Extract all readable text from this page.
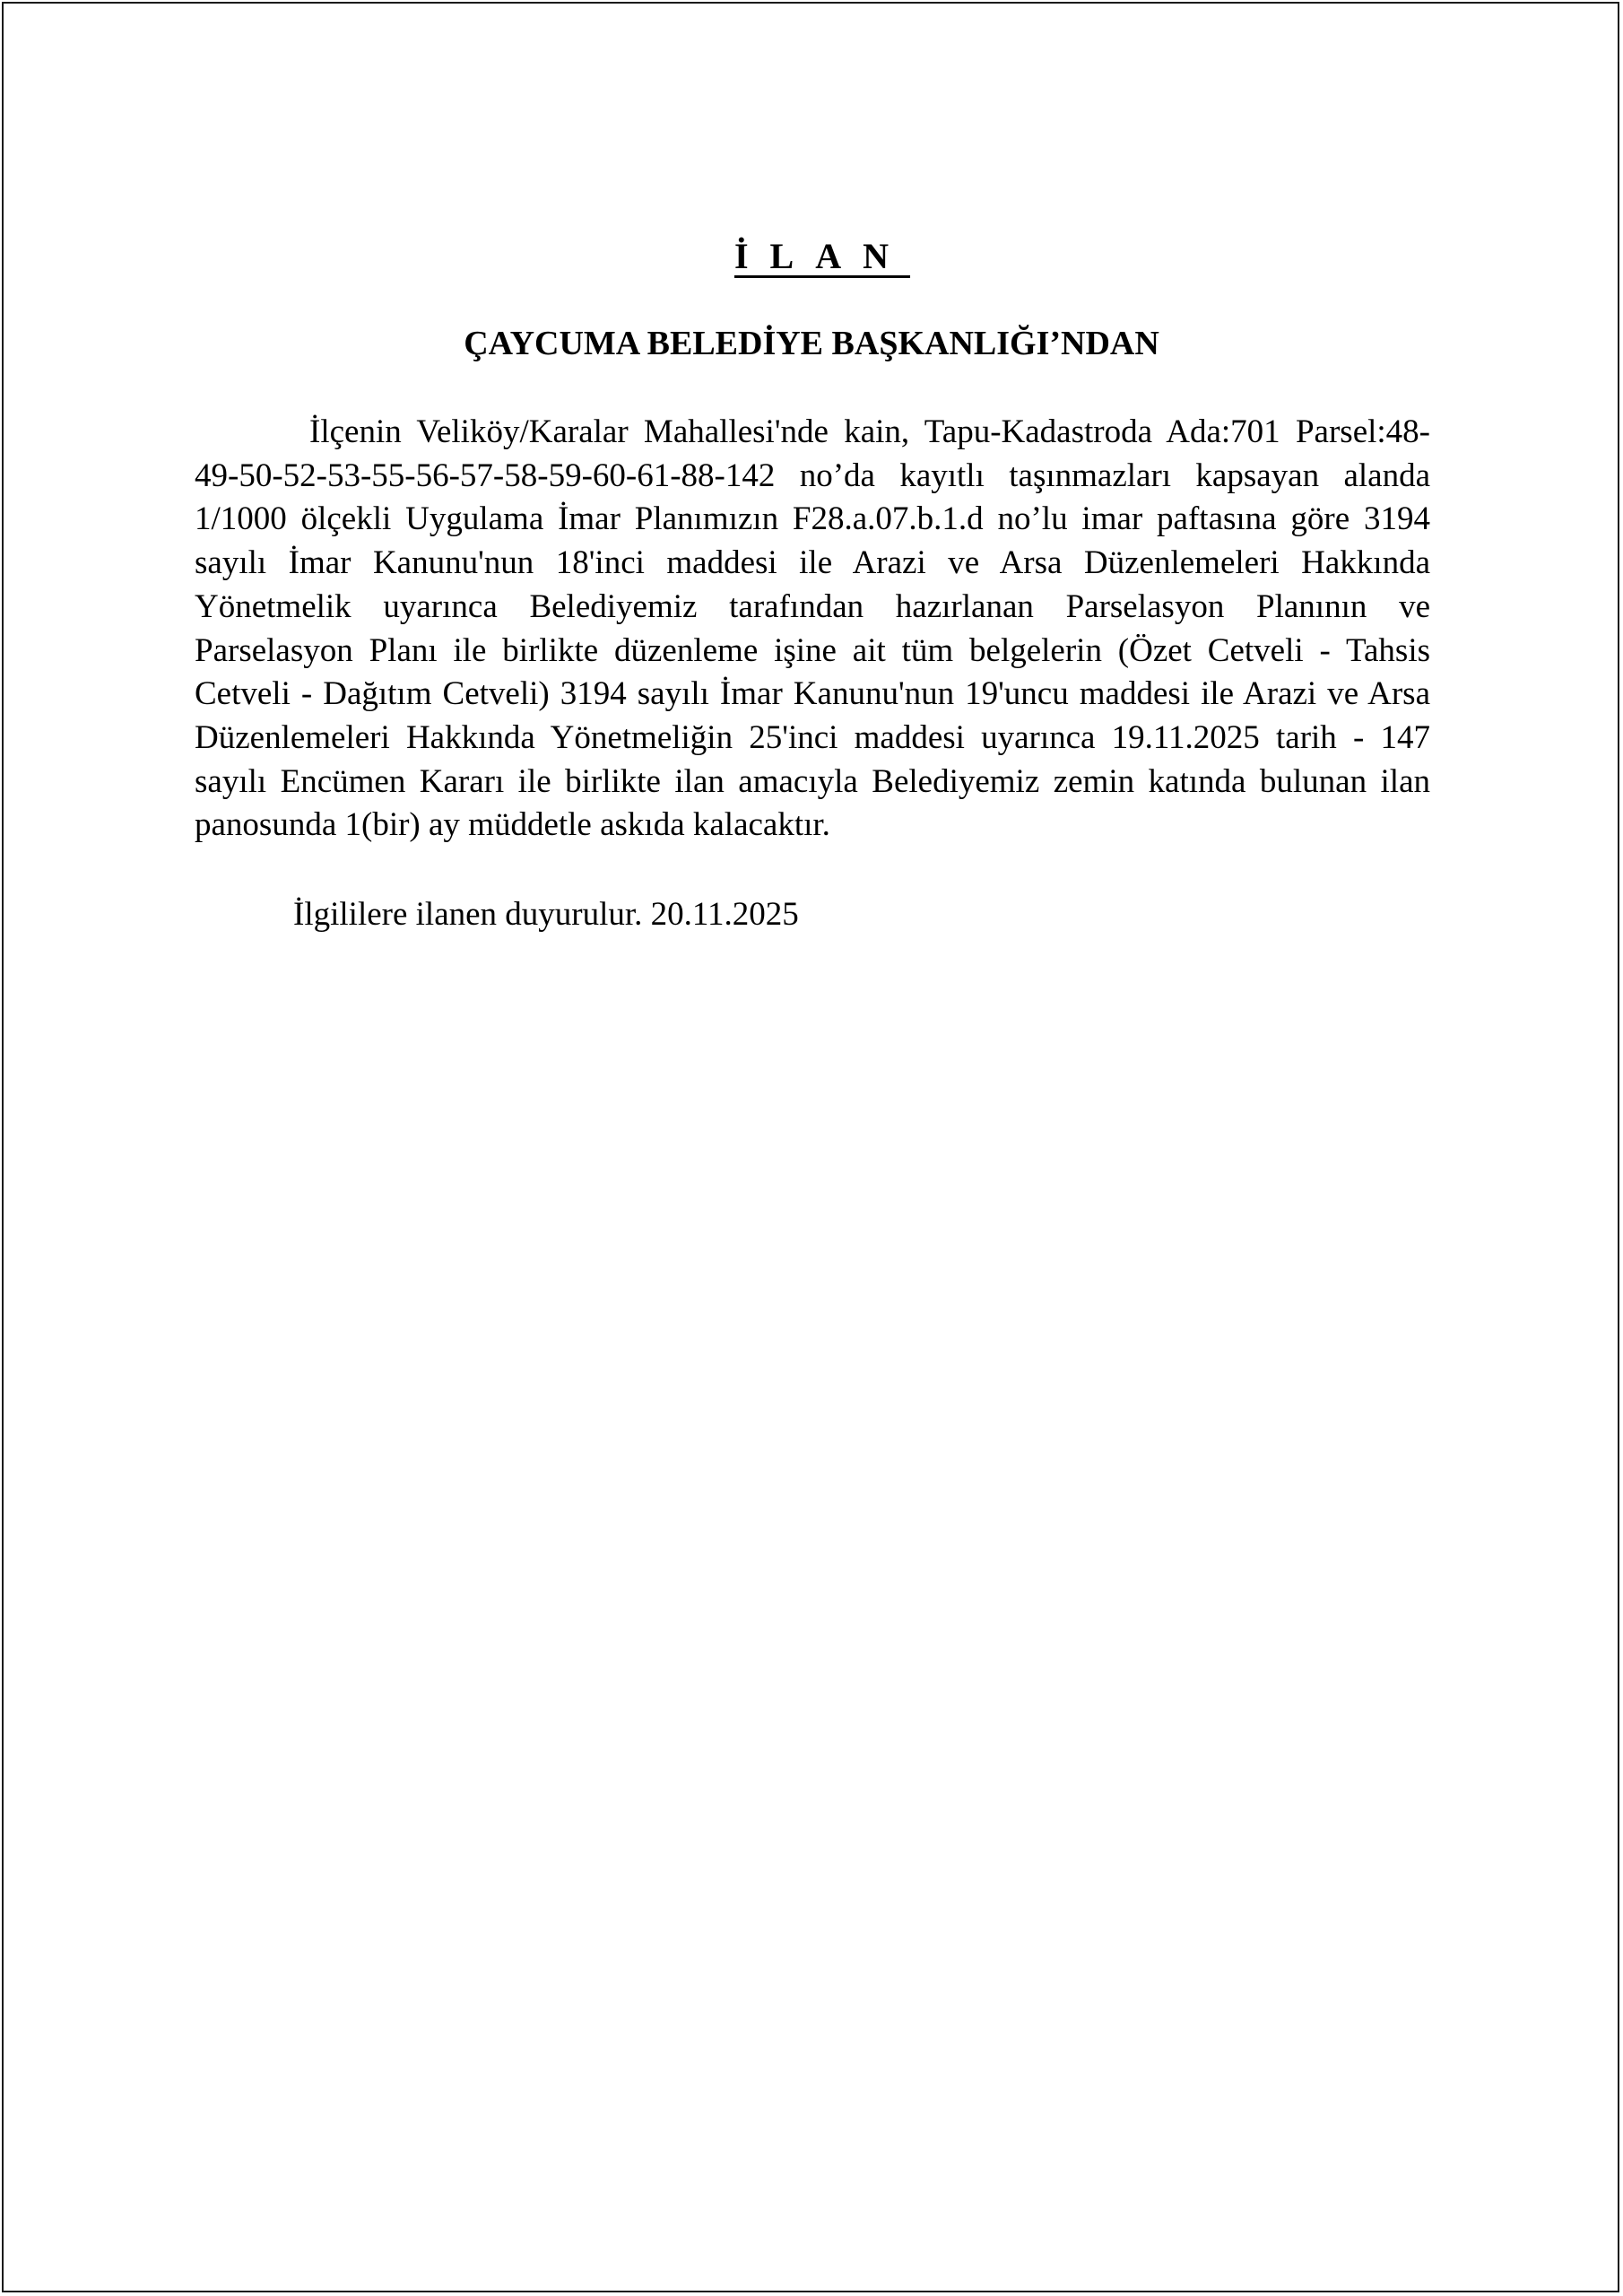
İLAN
ÇAYCUMA BELEDİYE BAŞKANLIĞI’NDAN

İlçenin Veliköy/Karalar Mahallesi'nde kain, Tapu-Kadastroda Ada:701 Parsel:48-49-50-52-53-55-56-57-58-59-60-61-88-142 no’da kayıtlı taşınmazları kapsayan alanda 1/1000 ölçekli Uygulama İmar Planımızın F28.a.07.b.1.d no’lu imar paftasına göre 3194 sayılı İmar Kanunu'nun 18'inci maddesi ile Arazi ve Arsa Düzenlemeleri Hakkında Yönetmelik uyarınca Belediyemiz tarafından hazırlanan Parselasyon Planının ve Parselasyon Planı ile birlikte düzenleme işine ait tüm belgelerin (Özet Cetveli - Tahsis Cetveli - Dağıtım Cetveli) 3194 sayılı İmar Kanunu'nun 19'uncu maddesi ile Arazi ve Arsa Düzenlemeleri Hakkında Yönetmeliğin 25'inci maddesi uyarınca 19.11.2025 tarih - 147 sayılı Encümen Kararı ile birlikte ilan amacıyla Belediyemiz zemin katında bulunan ilan panosunda 1(bir) ay müddetle askıda kalacaktır.

İlgililere ilanen duyurulur. 20.11.2025
